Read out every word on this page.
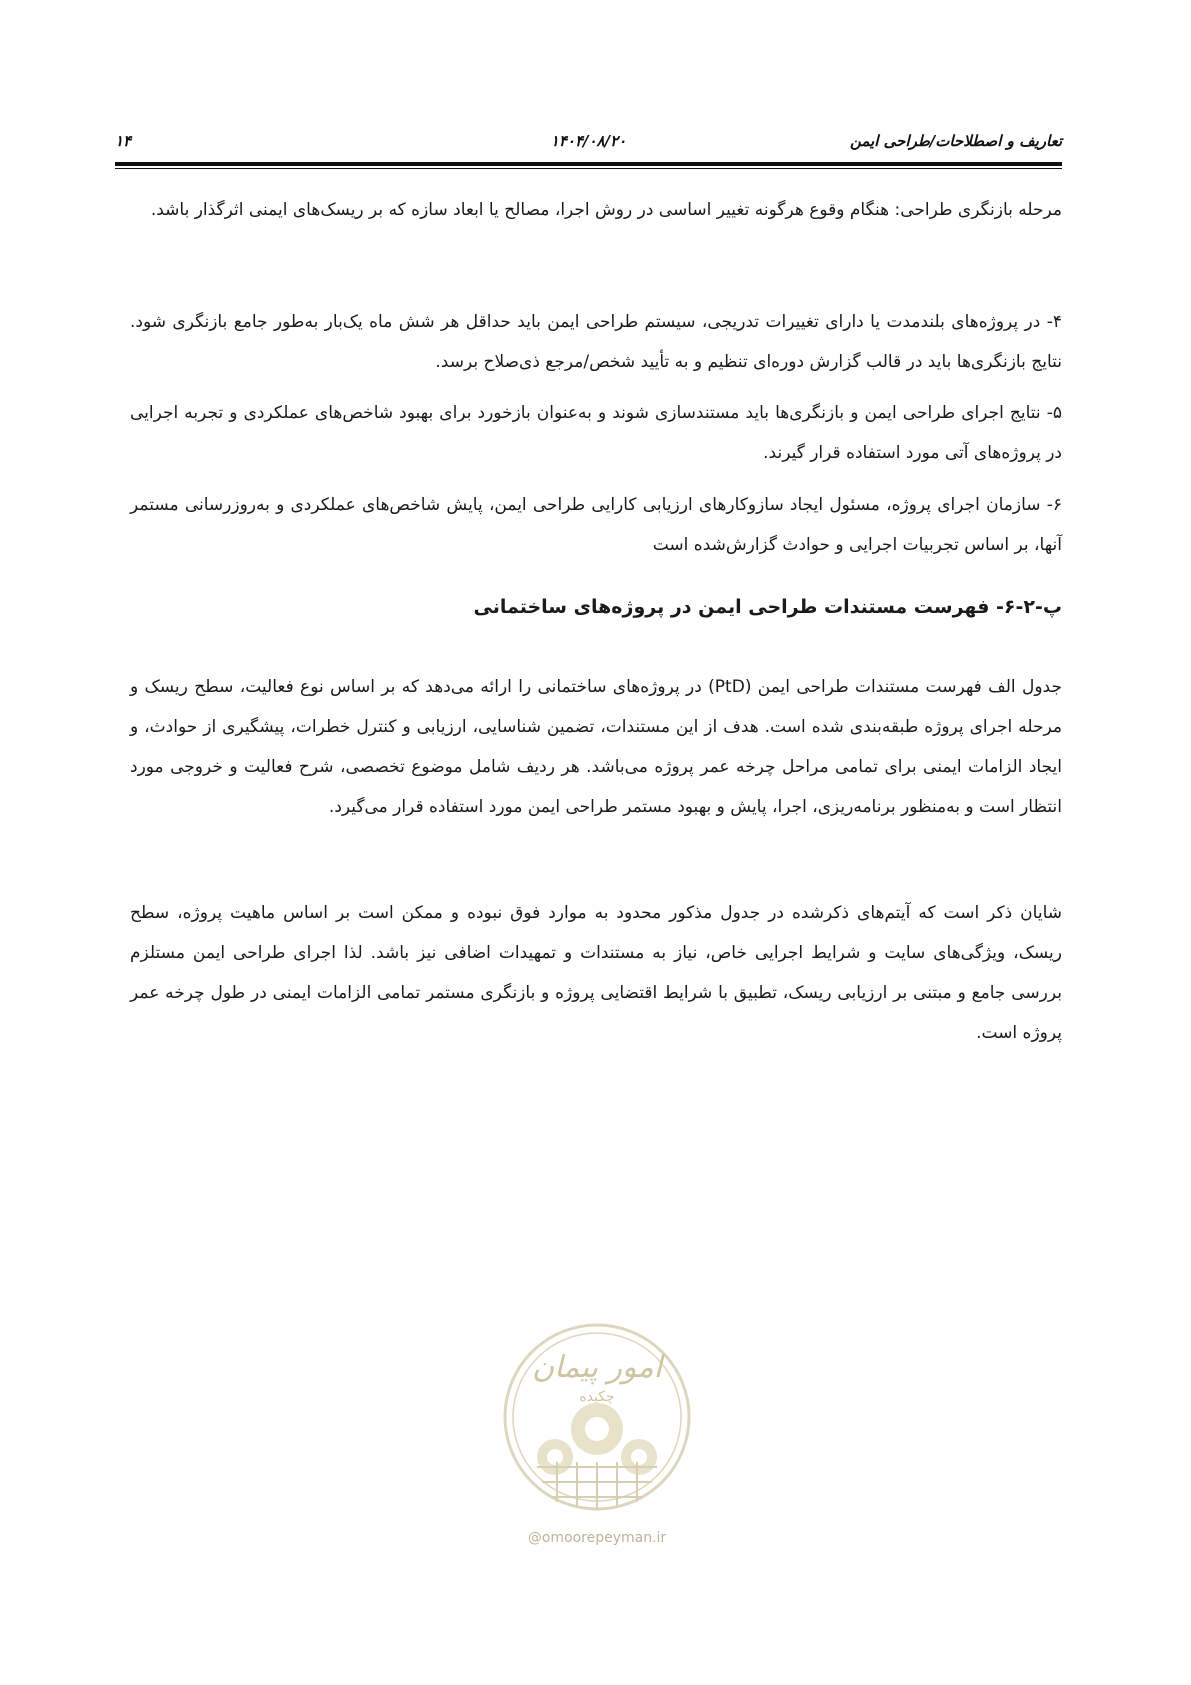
۱۴	۱۴۰۴/۰۸/۲۰	تعاریف و اصطلاحات/طراحی ایمن

مرحله بازنگری طراحی: هنگام وقوع هرگونه تغییر اساسی در روش اجرا، مصالح یا ابعاد سازه که بر ریسک‌های ایمنی اثرگذار باشد.

۴- در پروژه‌های بلندمدت یا دارای تغییرات تدریجی، سیستم طراحی ایمن باید حداقل هر شش ماه یک‌بار به‌طور جامع بازنگری شود. نتایج بازنگری‌ها باید در قالب گزارش دوره‌ای تنظیم و به تأیید شخص/مرجع ذی‌صلاح برسد.

۵- نتایج اجرای طراحی ایمن و بازنگری‌ها باید مستندسازی شوند و به‌عنوان بازخورد برای بهبود شاخص‌های عملکردی و تجربه اجرایی در پروژه‌های آتی مورد استفاده قرار گیرند.

۶- سازمان اجرای پروژه، مسئول ایجاد سازوکارهای ارزیابی کارایی طراحی ایمن، پایش شاخص‌های عملکردی و به‌روزرسانی مستمر آنها، بر اساس تجربیات اجرایی و حوادث گزارش‌شده است

پ-۲-۶- فهرست مستندات طراحی ایمن در پروژه‌های ساختمانی

جدول الف فهرست مستندات طراحی ایمن (PtD) در پروژه‌های ساختمانی را ارائه می‌دهد که بر اساس نوع فعالیت، سطح ریسک و مرحله اجرای پروژه طبقه‌بندی شده است. هدف از این مستندات، تضمین شناسایی، ارزیابی و کنترل خطرات، پیشگیری از حوادث، و ایجاد الزامات ایمنی برای تمامی مراحل چرخه عمر پروژه می‌باشد. هر ردیف شامل موضوع تخصصی، شرح فعالیت و خروجی مورد انتظار است و به‌منظور برنامه‌ریزی، اجرا، پایش و بهبود مستمر طراحی ایمن مورد استفاده قرار می‌گیرد.

شایان ذکر است که آیتم‌های ذکرشده در جدول مذکور محدود به موارد فوق نبوده و ممکن است بر اساس ماهیت پروژه، سطح ریسک، ویژگی‌های سایت و شرایط اجرایی خاص، نیاز به مستندات و تمهیدات اضافی نیز باشد. لذا اجرای طراحی ایمن مستلزم بررسی جامع و مبتنی بر ارزیابی ریسک، تطبیق با شرایط اقتضایی پروژه و بازنگری مستمر تمامی الزامات ایمنی در طول چرخه عمر پروژه است.

امور پیمان
چکیده
@omoorepeyman.ir
